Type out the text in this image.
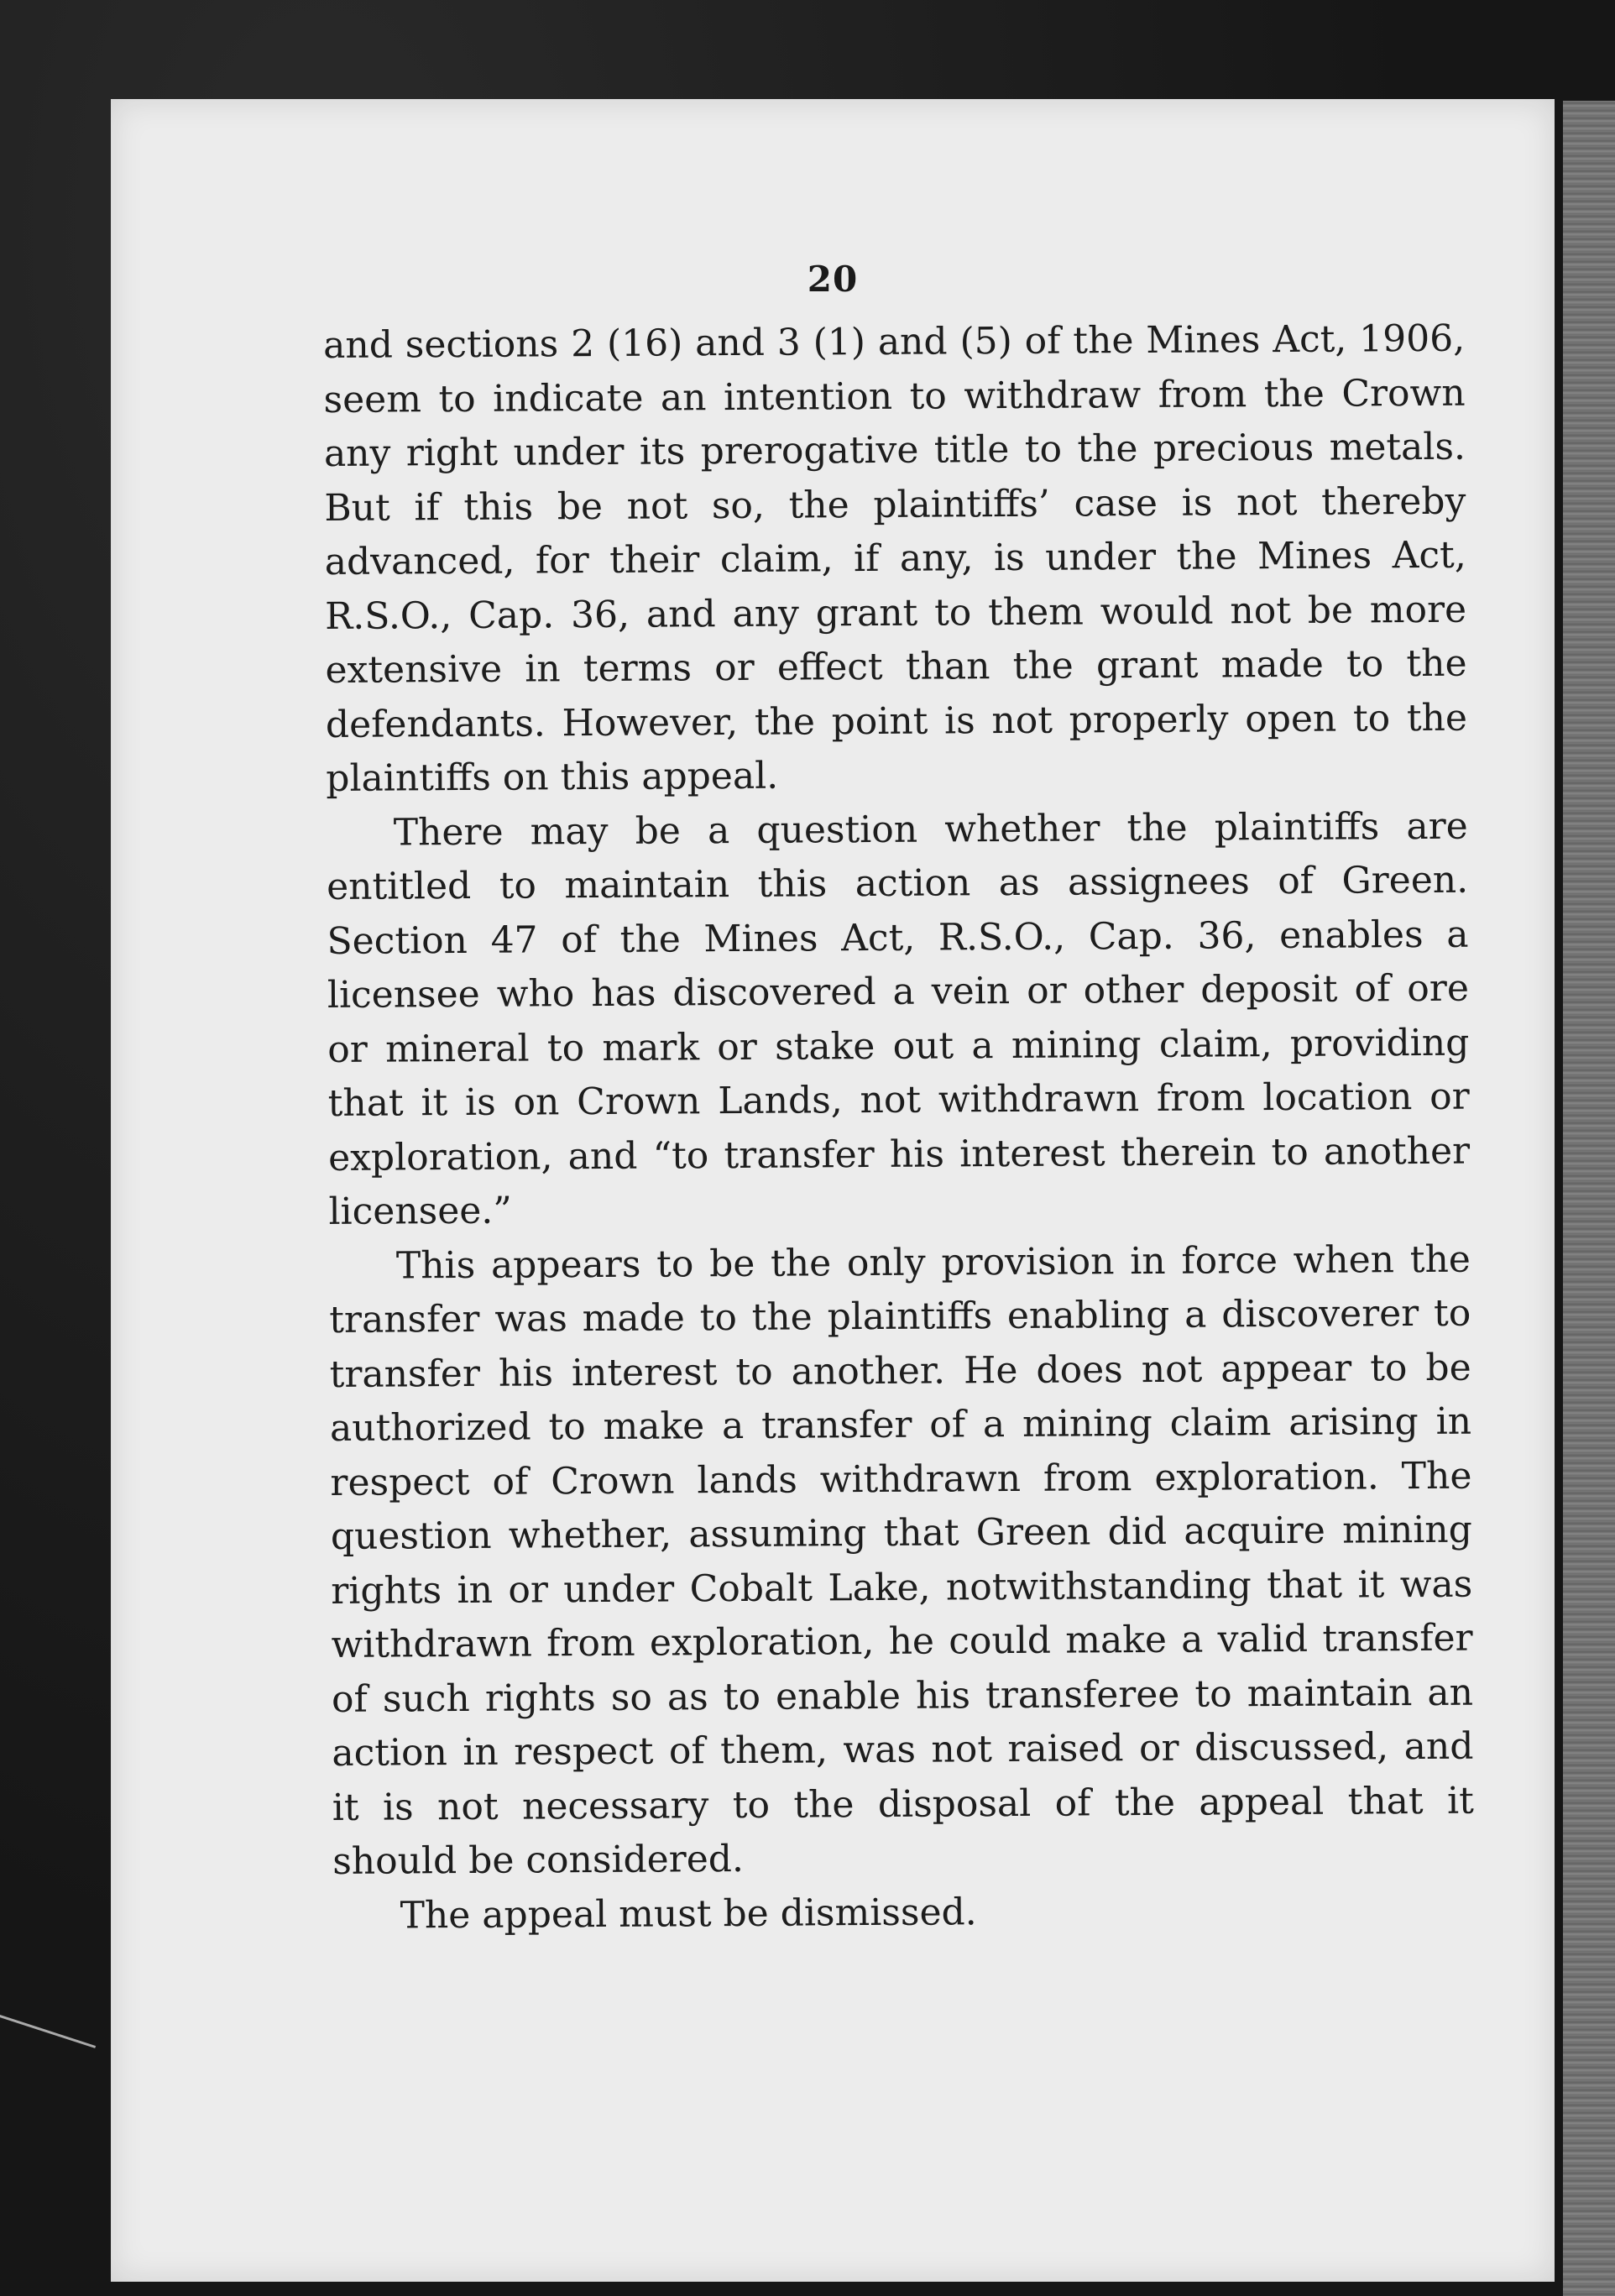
20

and sections 2 (16) and 3 (1) and (5) of the Mines Act, 1906, seem to indicate an intention to withdraw from the Crown any right under its prerogative title to the precious metals. But if this be not so, the plaintiffs’ case is not thereby advanced, for their claim, if any, is under the Mines Act, R.S.O., Cap. 36, and any grant to them would not be more extensive in terms or effect than the grant made to the defendants. However, the point is not properly open to the plaintiffs on this appeal.

There may be a question whether the plaintiffs are entitled to maintain this action as assignees of Green. Section 47 of the Mines Act, R.S.O., Cap. 36, enables a licensee who has discovered a vein or other deposit of ore or mineral to mark or stake out a mining claim, providing that it is on Crown Lands, not withdrawn from location or exploration, and “to transfer his interest therein to another licensee.”

This appears to be the only provision in force when the transfer was made to the plaintiffs enabling a discoverer to transfer his interest to another. He does not appear to be authorized to make a transfer of a mining claim arising in respect of Crown lands withdrawn from exploration. The question whether, assuming that Green did acquire mining rights in or under Cobalt Lake, notwithstanding that it was withdrawn from exploration, he could make a valid transfer of such rights so as to enable his transferee to maintain an action in respect of them, was not raised or discussed, and it is not necessary to the disposal of the appeal that it should be considered.

The appeal must be dismissed.
